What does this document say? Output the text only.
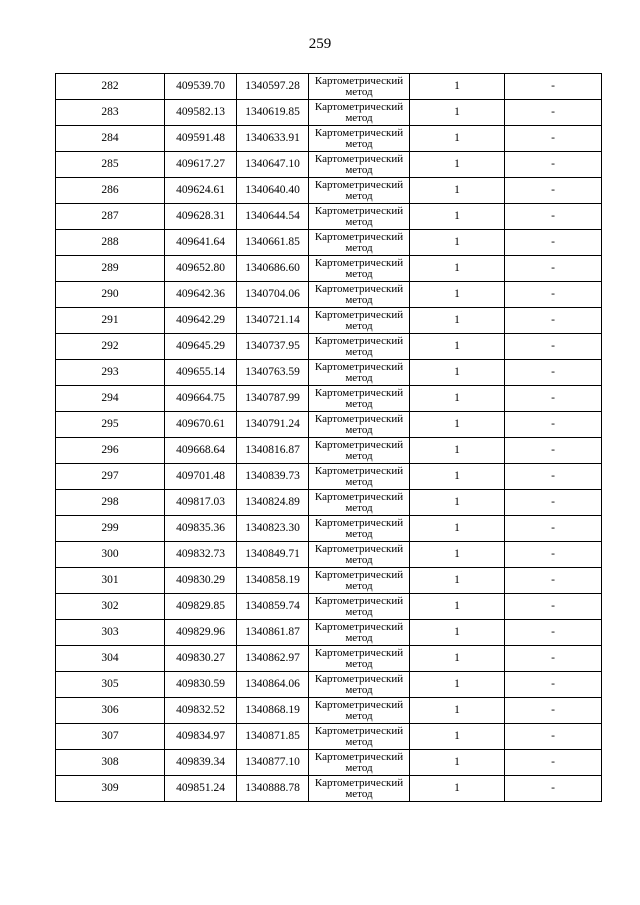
259
282	409539.70	1340597.28	Картометрический
метод	1	-
283	409582.13	1340619.85	Картометрический
метод	1	-
284	409591.48	1340633.91	Картометрический
метод	1	-
285	409617.27	1340647.10	Картометрический
метод	1	-
286	409624.61	1340640.40	Картометрический
метод	1	-
287	409628.31	1340644.54	Картометрический
метод	1	-
288	409641.64	1340661.85	Картометрический
метод	1	-
289	409652.80	1340686.60	Картометрический
метод	1	-
290	409642.36	1340704.06	Картометрический
метод	1	-
291	409642.29	1340721.14	Картометрический
метод	1	-
292	409645.29	1340737.95	Картометрический
метод	1	-
293	409655.14	1340763.59	Картометрический
метод	1	-
294	409664.75	1340787.99	Картометрический
метод	1	-
295	409670.61	1340791.24	Картометрический
метод	1	-
296	409668.64	1340816.87	Картометрический
метод	1	-
297	409701.48	1340839.73	Картометрический
метод	1	-
298	409817.03	1340824.89	Картометрический
метод	1	-
299	409835.36	1340823.30	Картометрический
метод	1	-
300	409832.73	1340849.71	Картометрический
метод	1	-
301	409830.29	1340858.19	Картометрический
метод	1	-
302	409829.85	1340859.74	Картометрический
метод	1	-
303	409829.96	1340861.87	Картометрический
метод	1	-
304	409830.27	1340862.97	Картометрический
метод	1	-
305	409830.59	1340864.06	Картометрический
метод	1	-
306	409832.52	1340868.19	Картометрический
метод	1	-
307	409834.97	1340871.85	Картометрический
метод	1	-
308	409839.34	1340877.10	Картометрический
метод	1	-
309	409851.24	1340888.78	Картометрический
метод	1	-
